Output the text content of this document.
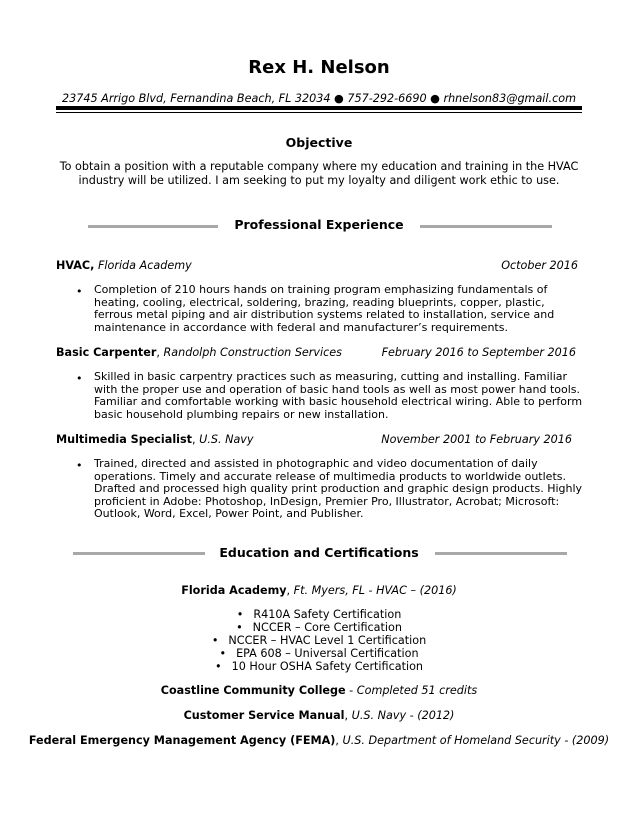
Rex H. Nelson
23745 Arrigo Blvd, Fernandina Beach, FL 32034 ● 757-292-6690 ● rhnelson83@gmail.com
Objective
To obtain a position with a reputable company where my education and training in the HVAC
industry will be utilized. I am seeking to put my loyalty and diligent work ethic to use.
Professional Experience
HVAC, Florida Academy	October 2016
• Completion of 210 hours hands on training program emphasizing fundamentals of heating, cooling, electrical, soldering, brazing, reading blueprints, copper, plastic, ferrous metal piping and air distribution systems related to installation, service and maintenance in accordance with federal and manufacturer’s requirements.
Basic Carpenter, Randolph Construction Services	February 2016 to September 2016
• Skilled in basic carpentry practices such as measuring, cutting and installing. Familiar with the proper use and operation of basic hand tools as well as most power hand tools. Familiar and comfortable working with basic household electrical wiring. Able to perform basic household plumbing repairs or new installation.
Multimedia Specialist, U.S. Navy	November 2001 to February 2016
• Trained, directed and assisted in photographic and video documentation of daily operations. Timely and accurate release of multimedia products to worldwide outlets. Drafted and processed high quality print production and graphic design products. Highly proficient in Adobe: Photoshop, InDesign, Premier Pro, Illustrator, Acrobat; Microsoft: Outlook, Word, Excel, Power Point, and Publisher.
Education and Certifications
Florida Academy, Ft. Myers, FL - HVAC – (2016)
• R410A Safety Certification
• NCCER – Core Certification
• NCCER – HVAC Level 1 Certification
• EPA 608 – Universal Certification
• 10 Hour OSHA Safety Certification
Coastline Community College - Completed 51 credits
Customer Service Manual, U.S. Navy - (2012)
Federal Emergency Management Agency (FEMA), U.S. Department of Homeland Security - (2009)
